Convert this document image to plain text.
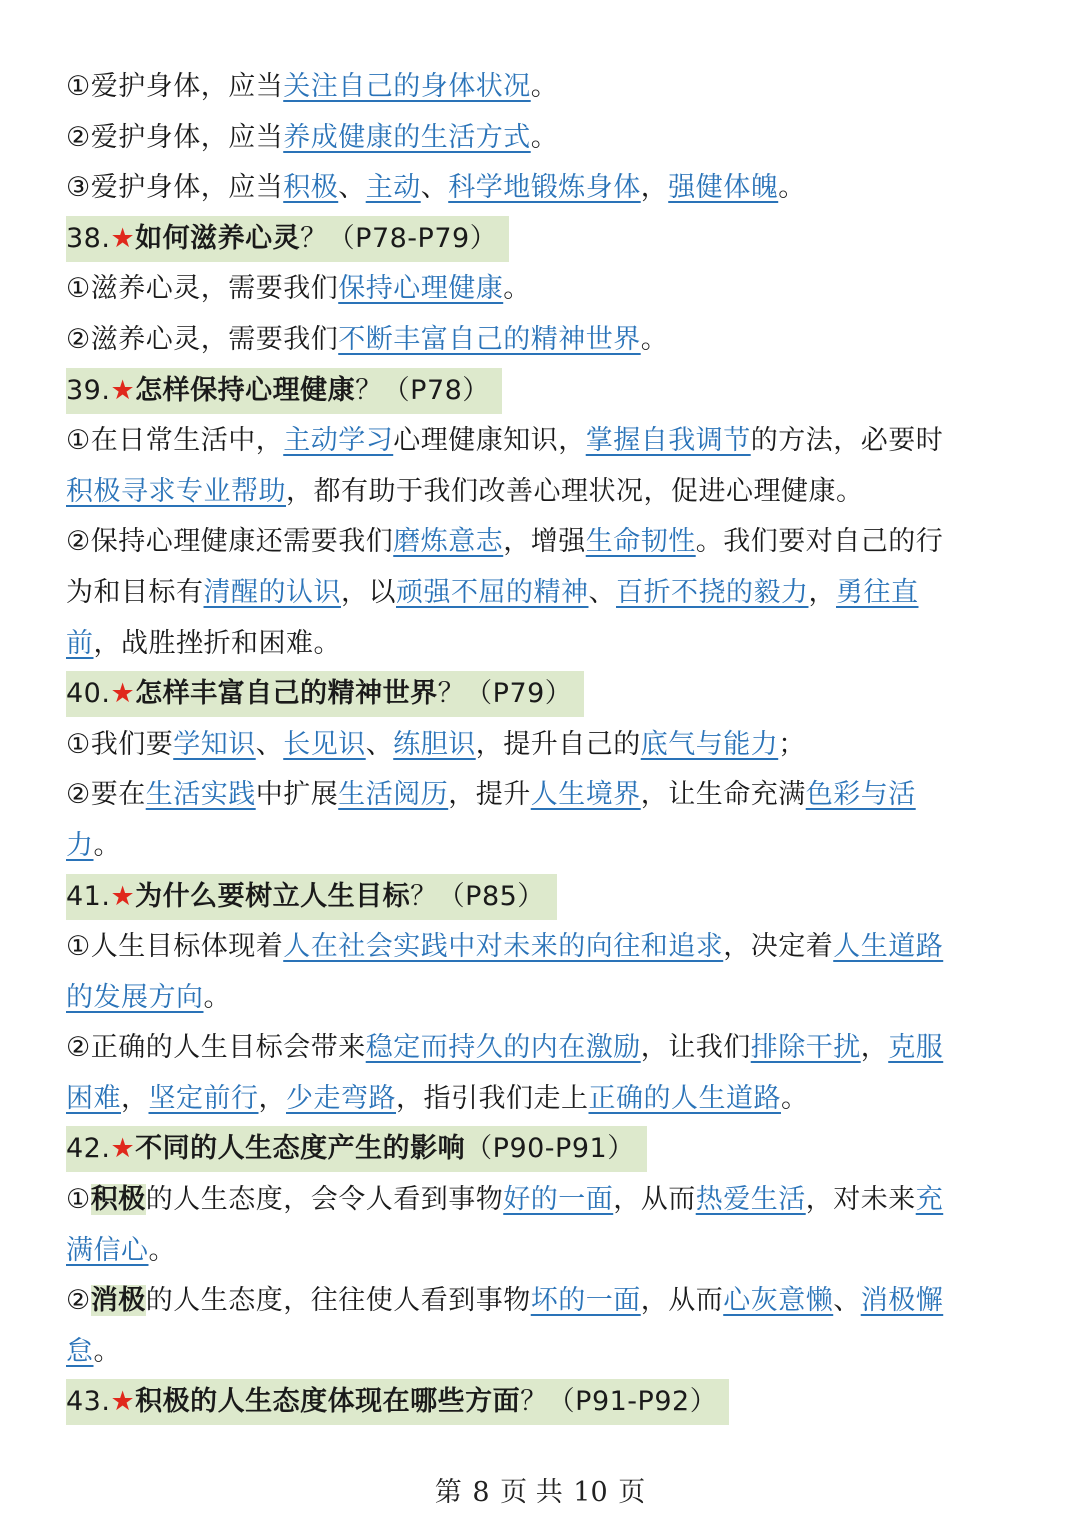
①爱护身体，应当关注自己的身体状况。
②爱护身体，应当养成健康的生活方式。
③爱护身体，应当积极、主动、科学地锻炼身体，强健体魄。
38.★如何滋养心灵？（P78-P79）
①滋养心灵，需要我们保持心理健康。
②滋养心灵，需要我们不断丰富自己的精神世界。
39.★怎样保持心理健康？（P78）
①在日常生活中，主动学习心理健康知识，掌握自我调节的方法，必要时
积极寻求专业帮助，都有助于我们改善心理状况，促进心理健康。
②保持心理健康还需要我们磨炼意志，增强生命韧性。我们要对自己的行
为和目标有清醒的认识，以顽强不屈的精神、百折不挠的毅力，勇往直
前，战胜挫折和困难。
40.★怎样丰富自己的精神世界？（P79）
①我们要学知识、长见识、练胆识，提升自己的底气与能力；
②要在生活实践中扩展生活阅历，提升人生境界，让生命充满色彩与活
力。
41.★为什么要树立人生目标？（P85）
①人生目标体现着人在社会实践中对未来的向往和追求，决定着人生道路
的发展方向。
②正确的人生目标会带来稳定而持久的内在激励，让我们排除干扰，克服
困难，坚定前行，少走弯路，指引我们走上正确的人生道路。
42.★不同的人生态度产生的影响（P90-P91）
①积极的人生态度，会令人看到事物好的一面，从而热爱生活，对未来充
满信心。
②消极的人生态度，往往使人看到事物坏的一面，从而心灰意懒、消极懈
怠。
43.★积极的人生态度体现在哪些方面？（P91-P92）
第 8 页 共 10 页
